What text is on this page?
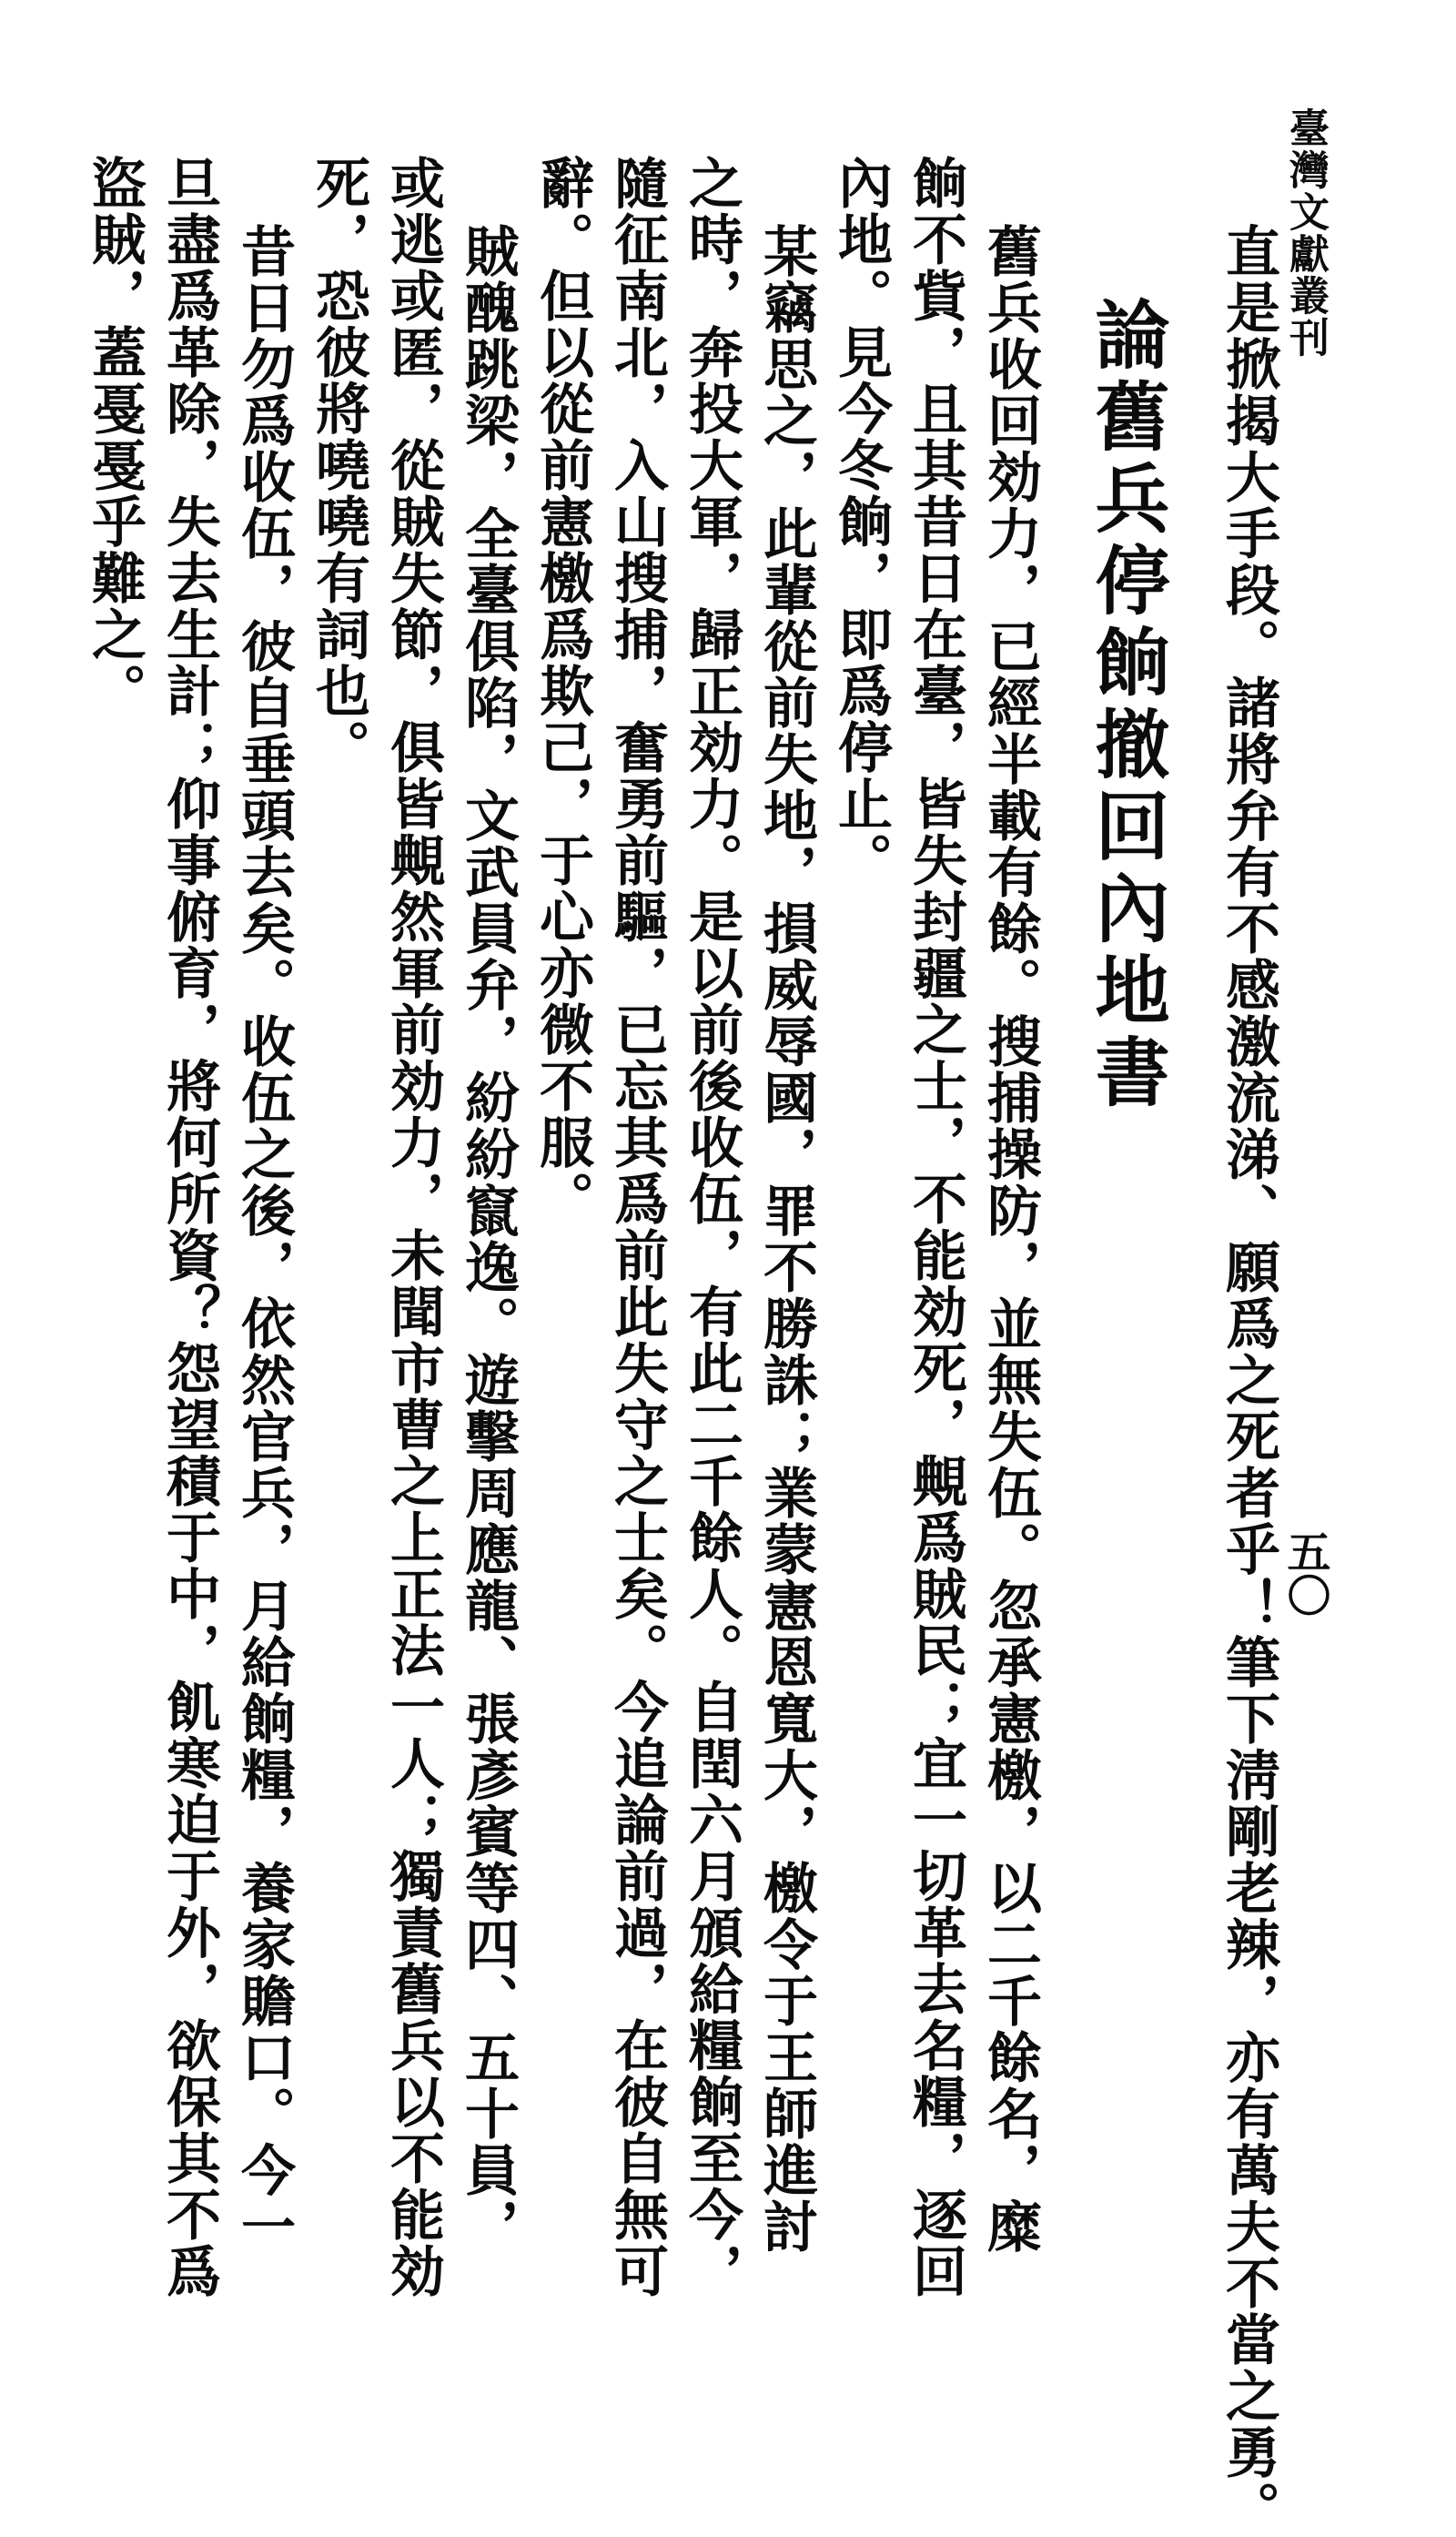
臺灣文獻叢刊
五〇
直是掀揭大手段。諸將弁有不感激流涕、願爲之死者乎！筆下淸剛老辣，亦有萬夫不當之勇。
論舊兵停餉撤回內地書
舊兵收回効力，已經半載有餘。搜捕操防，並無失伍。忽承憲檄，以二千餘名，糜
餉不貲，且其昔日在臺，皆失封疆之士，不能効死，覥爲賊民；宜一切革去名糧，逐回
內地。見今冬餉，即爲停止。
某竊思之，此輩從前失地，損威辱國，罪不勝誅；業蒙憲恩寬大，檄令于王師進討
之時，奔投大軍，歸正効力。是以前後收伍，有此二千餘人。自閏六月頒給糧餉至今，
隨征南北，入山搜捕，奮勇前驅，已忘其爲前此失守之士矣。今追論前過，在彼自無可
辭。但以從前憲檄爲欺己，于心亦微不服。
賊醜跳梁，全臺俱陷，文武員弁，紛紛竄逸。遊擊周應龍、張彥賓等四、五十員，
或逃或匿，從賊失節，俱皆覥然軍前効力，未聞市曹之上正法一人；獨責舊兵以不能効
死，恐彼將嘵嘵有詞也。
昔日勿爲收伍，彼自垂頭去矣。收伍之後，依然官兵，月給餉糧，養家贍口。今一
旦盡爲革除，失去生計；仰事俯育，將何所資？怨望積于中，飢寒迫于外，欲保其不爲
盜賊，蓋戞戞乎難之。
